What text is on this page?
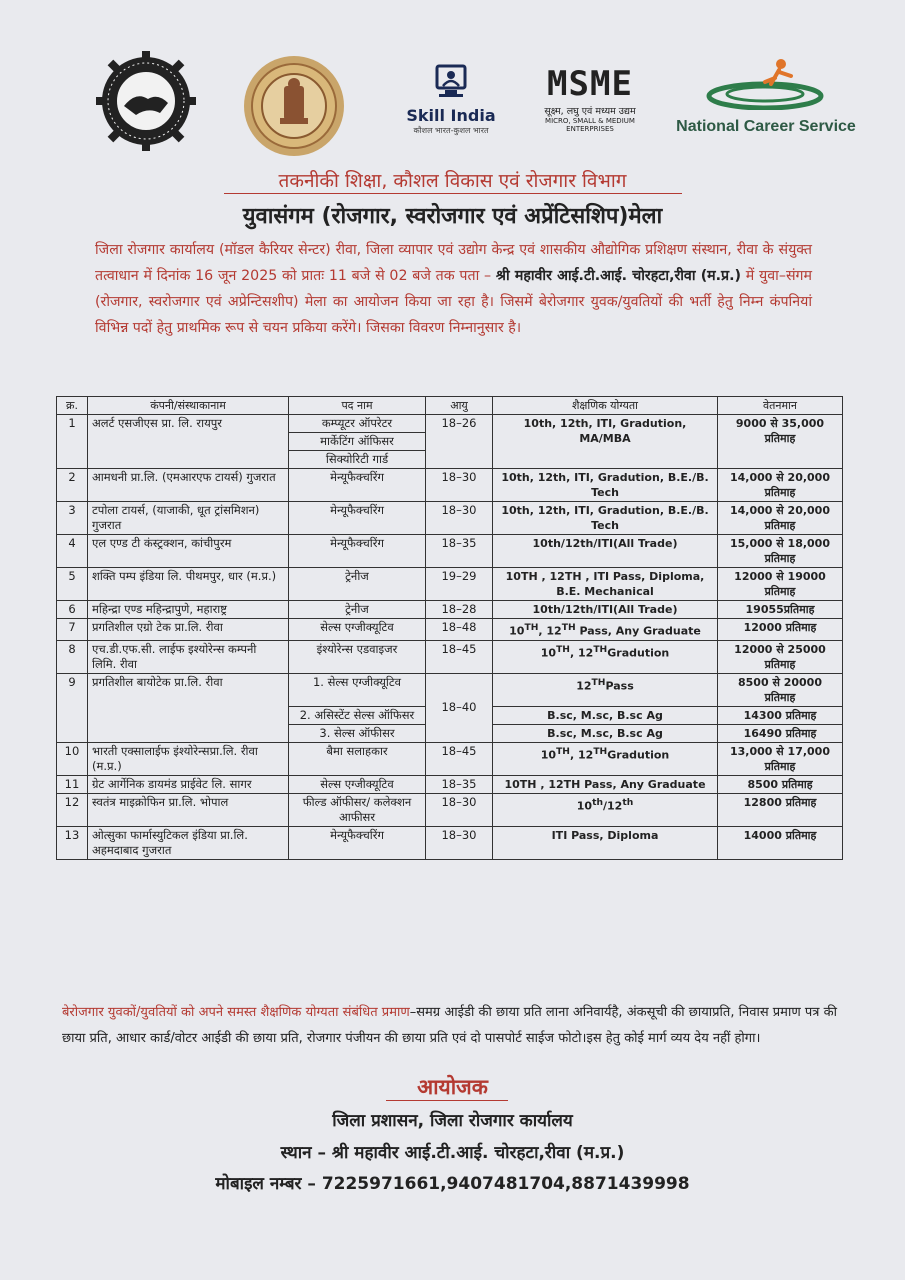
Skill India
कौशल भारत-कुशल भारत
MSME
सूक्ष्म, लघु एवं मध्यम उद्यम
MICRO, SMALL & MEDIUM ENTERPRISES	National Career Service
तकनीकी शिक्षा, कौशल विकास एवं रोजगार विभाग
युवासंगम (रोजगार, स्वरोजगार एवं अप्रेंटिसशिप)मेला
जिला रोजगार कार्यालय (मॉडल कैरियर सेन्टर) रीवा, जिला व्यापार एवं उद्योग केन्द्र एवं शासकीय औद्योगिक प्रशिक्षण संस्थान, रीवा के संयुक्त तत्वाधान में दिनांक 16 जून 2025 को प्रातः 11 बजे से 02 बजे तक पता – श्री महावीर आई.टी.आई. चोरहटा,रीवा (म.प्र.) में युवा–संगम (रोजगार, स्वरोजगार एवं अप्रेन्टिसशीप) मेला का आयोजन किया जा रहा है। जिसमें बेरोजगार युवक/युवतियों की भर्ती हेतु निम्न कंपनियां विभिन्न पदों हेतु प्राथमिक रूप से चयन प्रकिया करेंगे। जिसका विवरण निम्नानुसार है।
क्र.	कंपनी/संस्थाकानाम	पद नाम	आयु	शैक्षणिक योग्यता	वेतनमान
1	अलर्ट एसजीएस प्रा. लि. रायपुर	कम्प्यूटर ऑपरेटर	18–26	10th, 12th, ITI, Gradution, MA/MBA	9000 से 35,000 प्रतिमाह
		मार्केटिंग ऑफिसर			
		सिक्योरिटी गार्ड			
2	आमधनी प्रा.लि. (एमआरएफ टायर्स) गुजरात	मेन्यूफैक्चरिंग	18–30	10th, 12th, ITI, Gradution, B.E./B. Tech	14,000 से 20,000 प्रतिमाह
3	टपोला टायर्स, (याजाकी, धूत ट्रांसमिशन) गुजरात	मेन्यूफैक्चरिंग	18–30	10th, 12th, ITI, Gradution, B.E./B. Tech	14,000 से 20,000 प्रतिमाह
4	एल एण्ड टी कंस्ट्रक्शन, कांचीपुरम	मेन्यूफैक्चरिंग	18–35	10th/12th/ITI(All Trade)	15,000 से 18,000 प्रतिमाह
5	शक्ति पम्प इंडिया लि. पीथमपुर, धार (म.प्र.)	ट्रेनीज	19–29	10TH , 12TH , ITI Pass, Diploma, B.E. Mechanical	12000 से 19000 प्रतिमाह
6	महिन्द्रा एण्ड महिन्द्रापुणे, महाराष्ट्र	ट्रेनीज	18–28	10th/12th/ITI(All Trade)	19055प्रतिमाह
7	प्रगतिशील एग्रो टेक प्रा.लि. रीवा	सेल्स एग्जीक्यूटिव	18–48	10TH, 12TH Pass, Any Graduate	12000 प्रतिमाह
8	एच.डी.एफ.सी. लाईफ इश्योरेन्स कम्पनी लिमि. रीवा	इंश्योरेन्स एडवाइजर	18–45	10TH, 12THGradution	12000 से 25000 प्रतिमाह
9	प्रगतिशील बायोटेक प्रा.लि. रीवा	1. सेल्स एग्जीक्यूटिव	18–40	12THPass	8500 से 20000 प्रतिमाह
		2. असिस्टेंट सेल्स ऑफिसर		B.sc, M.sc, B.sc Ag	14300 प्रतिमाह
		3. सेल्स ऑफीसर		B.sc, M.sc, B.sc Ag	16490 प्रतिमाह
10	भारती एक्सालाईफ इंश्योरेन्सप्रा.लि. रीवा (म.प्र.)	बैमा सलाहकार	18–45	10TH, 12THGradution	13,000 से 17,000 प्रतिमाह
11	ग्रेट आर्गेनिक डायमंड प्राईवेट लि. सागर	सेल्स एग्जीक्यूटिव	18–35	10TH , 12TH Pass, Any Graduate	8500 प्रतिमाह
12	स्वतंत्र माइक्रोफिन प्रा.लि. भोपाल	फील्ड ऑफीसर/ कलेक्शन आफीसर	18–30	10th/12th	12800 प्रतिमाह
13	ओत्सुका फार्मास्युटिकल इंडिया प्रा.लि. अहमदाबाद गुजरात	मेन्यूफैक्चरिंग	18–30	ITI Pass, Diploma	14000 प्रतिमाह
बेरोजगार युवकों/युवतियों को अपने समस्त शैक्षणिक योग्यता संबंधित प्रमाण–समग्र आईडी की छाया प्रति लाना अनिवार्यहै, अंकसूची की छायाप्रति, निवास प्रमाण पत्र की छाया प्रति, आधार कार्ड/वोटर आईडी की छाया प्रति, रोजगार पंजीयन की छाया प्रति एवं दो पासपोर्ट साईज फोटो।इस हेतु कोई मार्ग व्यय देय नहीं होगा।
आयोजक
जिला प्रशासन, जिला रोजगार कार्यालय
स्थान – श्री महावीर आई.टी.आई. चोरहटा,रीवा (म.प्र.)
मोबाइल नम्बर – 7225971661,9407481704,8871439998
